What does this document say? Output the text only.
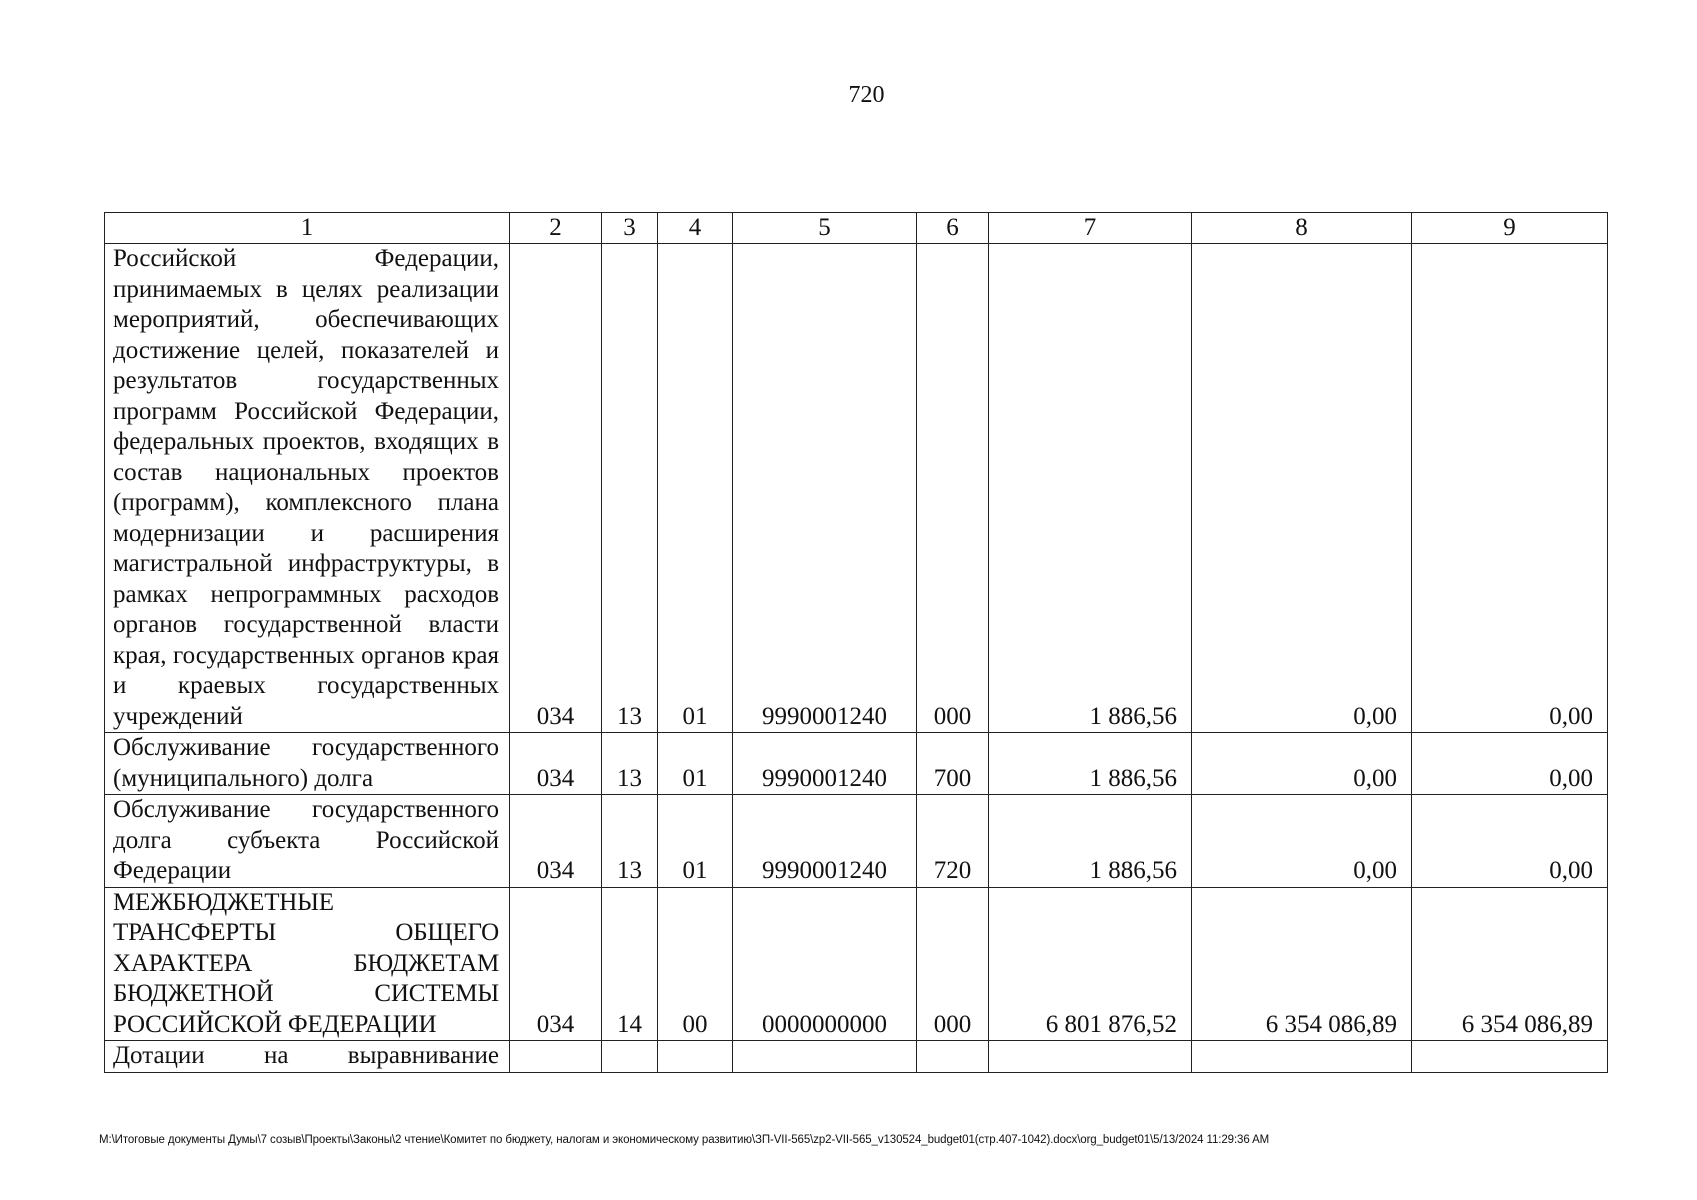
720
1	2	3	4	5	6	7	8	9
Российской Федерации, принимаемых в целях реализации мероприятий, обеспечивающих достижение целей, показателей и результатов государственных программ Российской Федерации, федеральных проектов, входящих в состав национальных проектов (программ), комплексного плана модернизации и расширения магистральной инфраструктуры, в рамках непрограммных расходов органов государственной власти края, государственных органов края и краевых государственных учреждений	034	13	01	9990001240	000	1 886,56	0,00	0,00
Обслуживание государственного (муниципального) долга	034	13	01	9990001240	700	1 886,56	0,00	0,00
Обслуживание государственного долга субъекта Российской Федерации	034	13	01	9990001240	720	1 886,56	0,00	0,00
МЕЖБЮДЖЕТНЫЕ ТРАНСФЕРТЫ ОБЩЕГО ХАРАКТЕРА БЮДЖЕТАМ БЮДЖЕТНОЙ СИСТЕМЫ РОССИЙСКОЙ ФЕДЕРАЦИИ	034	14	00	0000000000	000	6 801 876,52	6 354 086,89	6 354 086,89
Дотации на выравнивание								
M:\Итоговые документы Думы\7 созыв\Проекты\Законы\2 чтение\Комитет по бюджету, налогам и экономическому развитию\ЗП-VII-565\zp2-VII-565_v130524_budget01(стр.407-1042).docx\org_budget01\5/13/2024 11:29:36 AM
